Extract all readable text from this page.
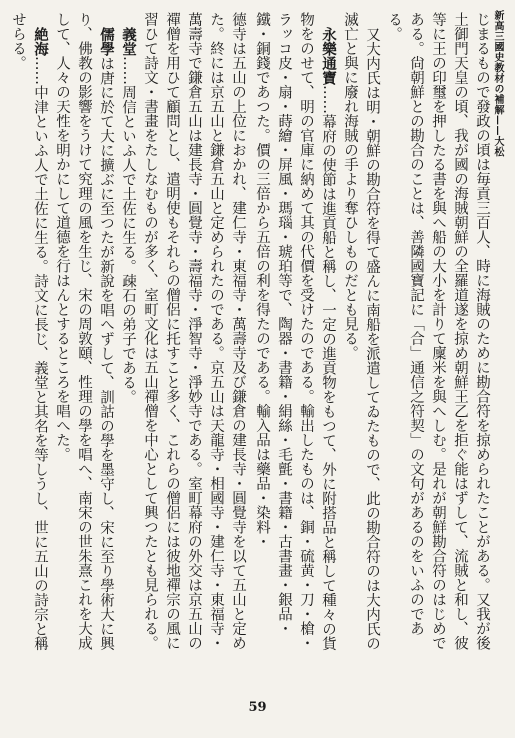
新高三國史教材の補解——大松

じまるもので發政の頃は毎貢三百人、時に海賊のために勘合符を掠められたことがある。又我が後土御門天皇の頃、我が國の海賊朝鮮の全羅道遂を掠め朝鮮王乙を拒ぐ能はずして、流賊と和し、彼等に王の印璽を押したる書を與へ船の大小を計りて廩米を與へしむ。是れが朝鮮勘合符のはじめである。尙朝鮮との勘合のことは、善隣國寶記に「合」通信之符契」の文句があるのをいふのである。

又大内氏は明・朝鮮の勘合符を得て盛んに南船を派遣してゐたもので、此の勘合符のは大内氏の滅亡と與に廢れ海賊の手より奪ひしものだとも見る。

永樂通寶……幕府の使節は進貢船と稱し、一定の進貢物をもつて、外に附搭品と稱して種々の貨物をのせて、明の官庫に納めて其の代價を受けたのである。輸出したものは、銅・硫黄・刀・槍・ラッコ皮・扇・蒔繪・屏風・瑪瑙・琥珀等で、陶器・書籍・絹絲・毛氈・書籍・古書畫・銀品・鐵・銅錢であつた。價の三倍から五倍の利を得たのである。輸入品は藥品・染料・

德寺は五山の上位におかれ、建仁寺・東福寺・萬壽寺及び鎌倉の建長寺・圓覺寺を以て五山と定めた。終には京五山と鎌倉五山と定められたのである。京五山は天龍寺・相國寺・建仁寺・東福寺・萬壽寺で鎌倉五山は建長寺・圓覺寺・壽福寺・淨智寺・淨妙寺である。室町幕府の外交は京五山の禪僧を用ひて顧問とし、遣明使もそれらの僧侶に托すこと多く、これらの僧侶には彼地禪宗の風に習ひて詩文・書畫をたしなむものが多く、室町文化は五山禪僧を中心として興つたとも見られる。

義堂……周信といふ人で土佐に生る。疎石の弟子である。

儒學は唐に於て大に擴ぶに至つたが新說を唱へずして、訓詁の學を墨守し、宋に至り學術大に興り、佛教の影響をうけて究理の風を生じ、宋の周敦頤、性理の學を唱へ、南宋の世朱熹これを大成して、人々の天性を明かにして道德を行はんとするところを唱へた。

絶海……中津といふ人で土佐に生る。詩文に長じ、義堂と其名を等しうし、世に五山の詩宗と稱せらる。

59
